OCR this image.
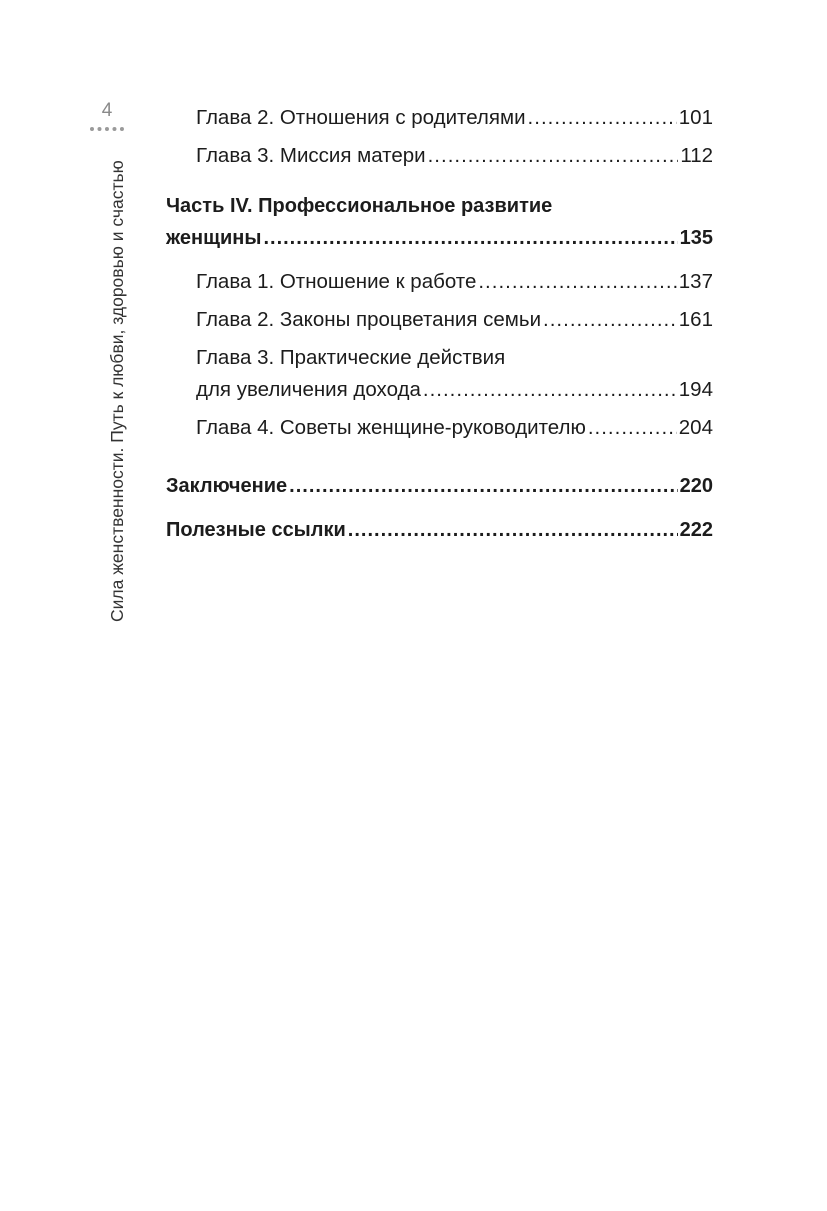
4
Сила женственности. Путь к любви, здоровью и счастью
Глава 2. Отношения с родителями .....	101
Глава 3. Миссия матери .....	112
Часть IV. Профессиональное развитие
женщины .....	135
Глава 1. Отношение к работе .....	137
Глава 2. Законы процветания семьи .....	161
Глава 3. Практические действия
для увеличения дохода .....	194
Глава 4. Советы женщине-руководителю .....	204
Заключение .....	220
Полезные ссылки .....	222
